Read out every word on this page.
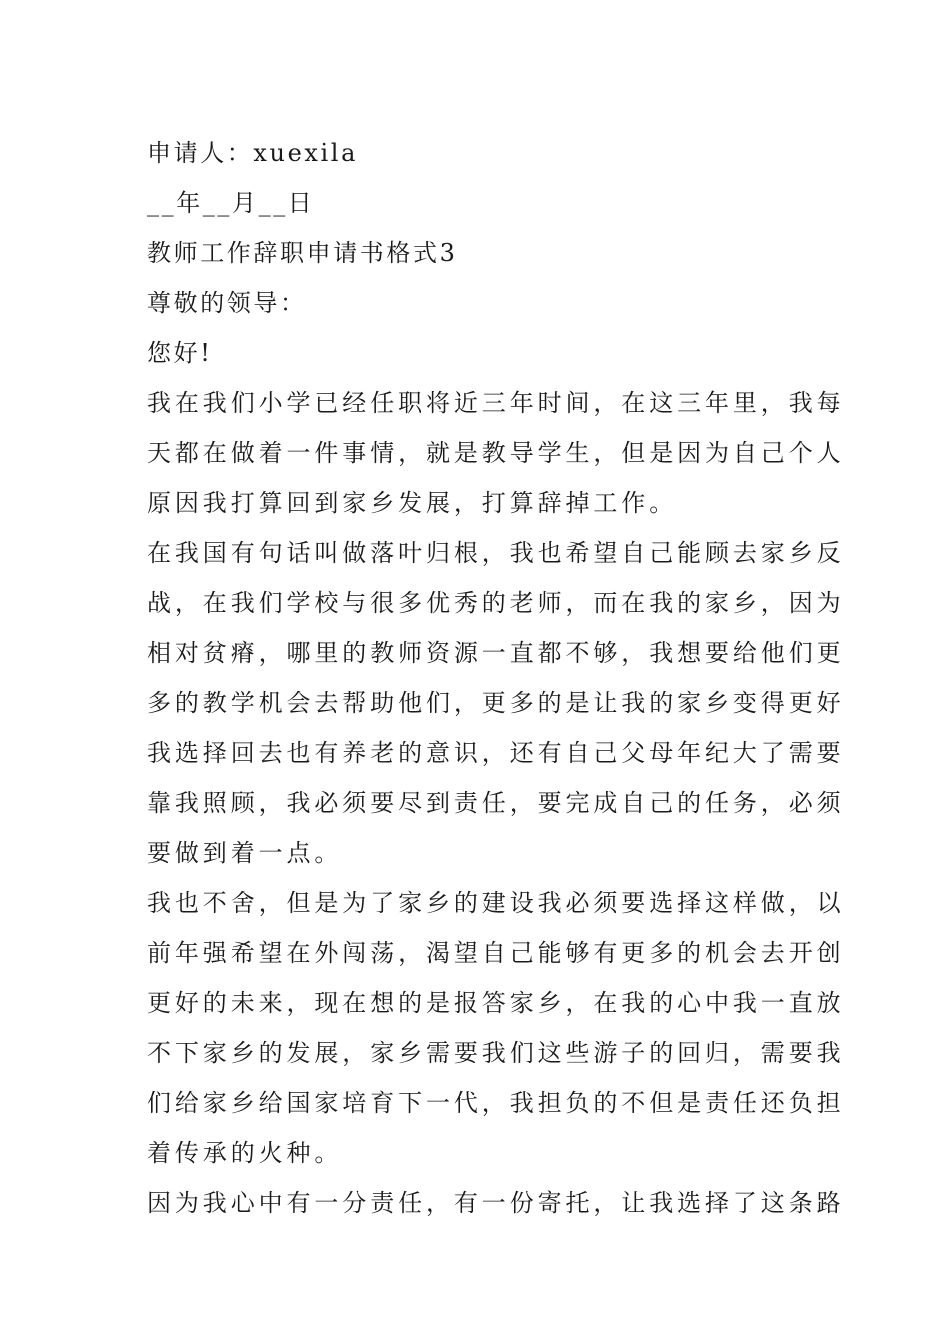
申请人：xuexila
__年__月__日
教师工作辞职申请书格式3
尊敬的领导：
您好!
我在我们小学已经任职将近三年时间，在这三年里，我每
天都在做着一件事情，就是教导学生，但是因为自己个人
原因我打算回到家乡发展，打算辞掉工作。
在我国有句话叫做落叶归根，我也希望自己能顾去家乡反
战，在我们学校与很多优秀的老师，而在我的家乡，因为
相对贫瘠，哪里的教师资源一直都不够，我想要给他们更
多的教学机会去帮助他们，更多的是让我的家乡变得更好
我选择回去也有养老的意识，还有自己父母年纪大了需要
靠我照顾，我必须要尽到责任，要完成自己的任务，必须
要做到着一点。
我也不舍，但是为了家乡的建设我必须要选择这样做，以
前年强希望在外闯荡，渴望自己能够有更多的机会去开创
更好的未来，现在想的是报答家乡，在我的心中我一直放
不下家乡的发展，家乡需要我们这些游子的回归，需要我
们给家乡给国家培育下一代，我担负的不但是责任还负担
着传承的火种。
因为我心中有一分责任，有一份寄托，让我选择了这条路
